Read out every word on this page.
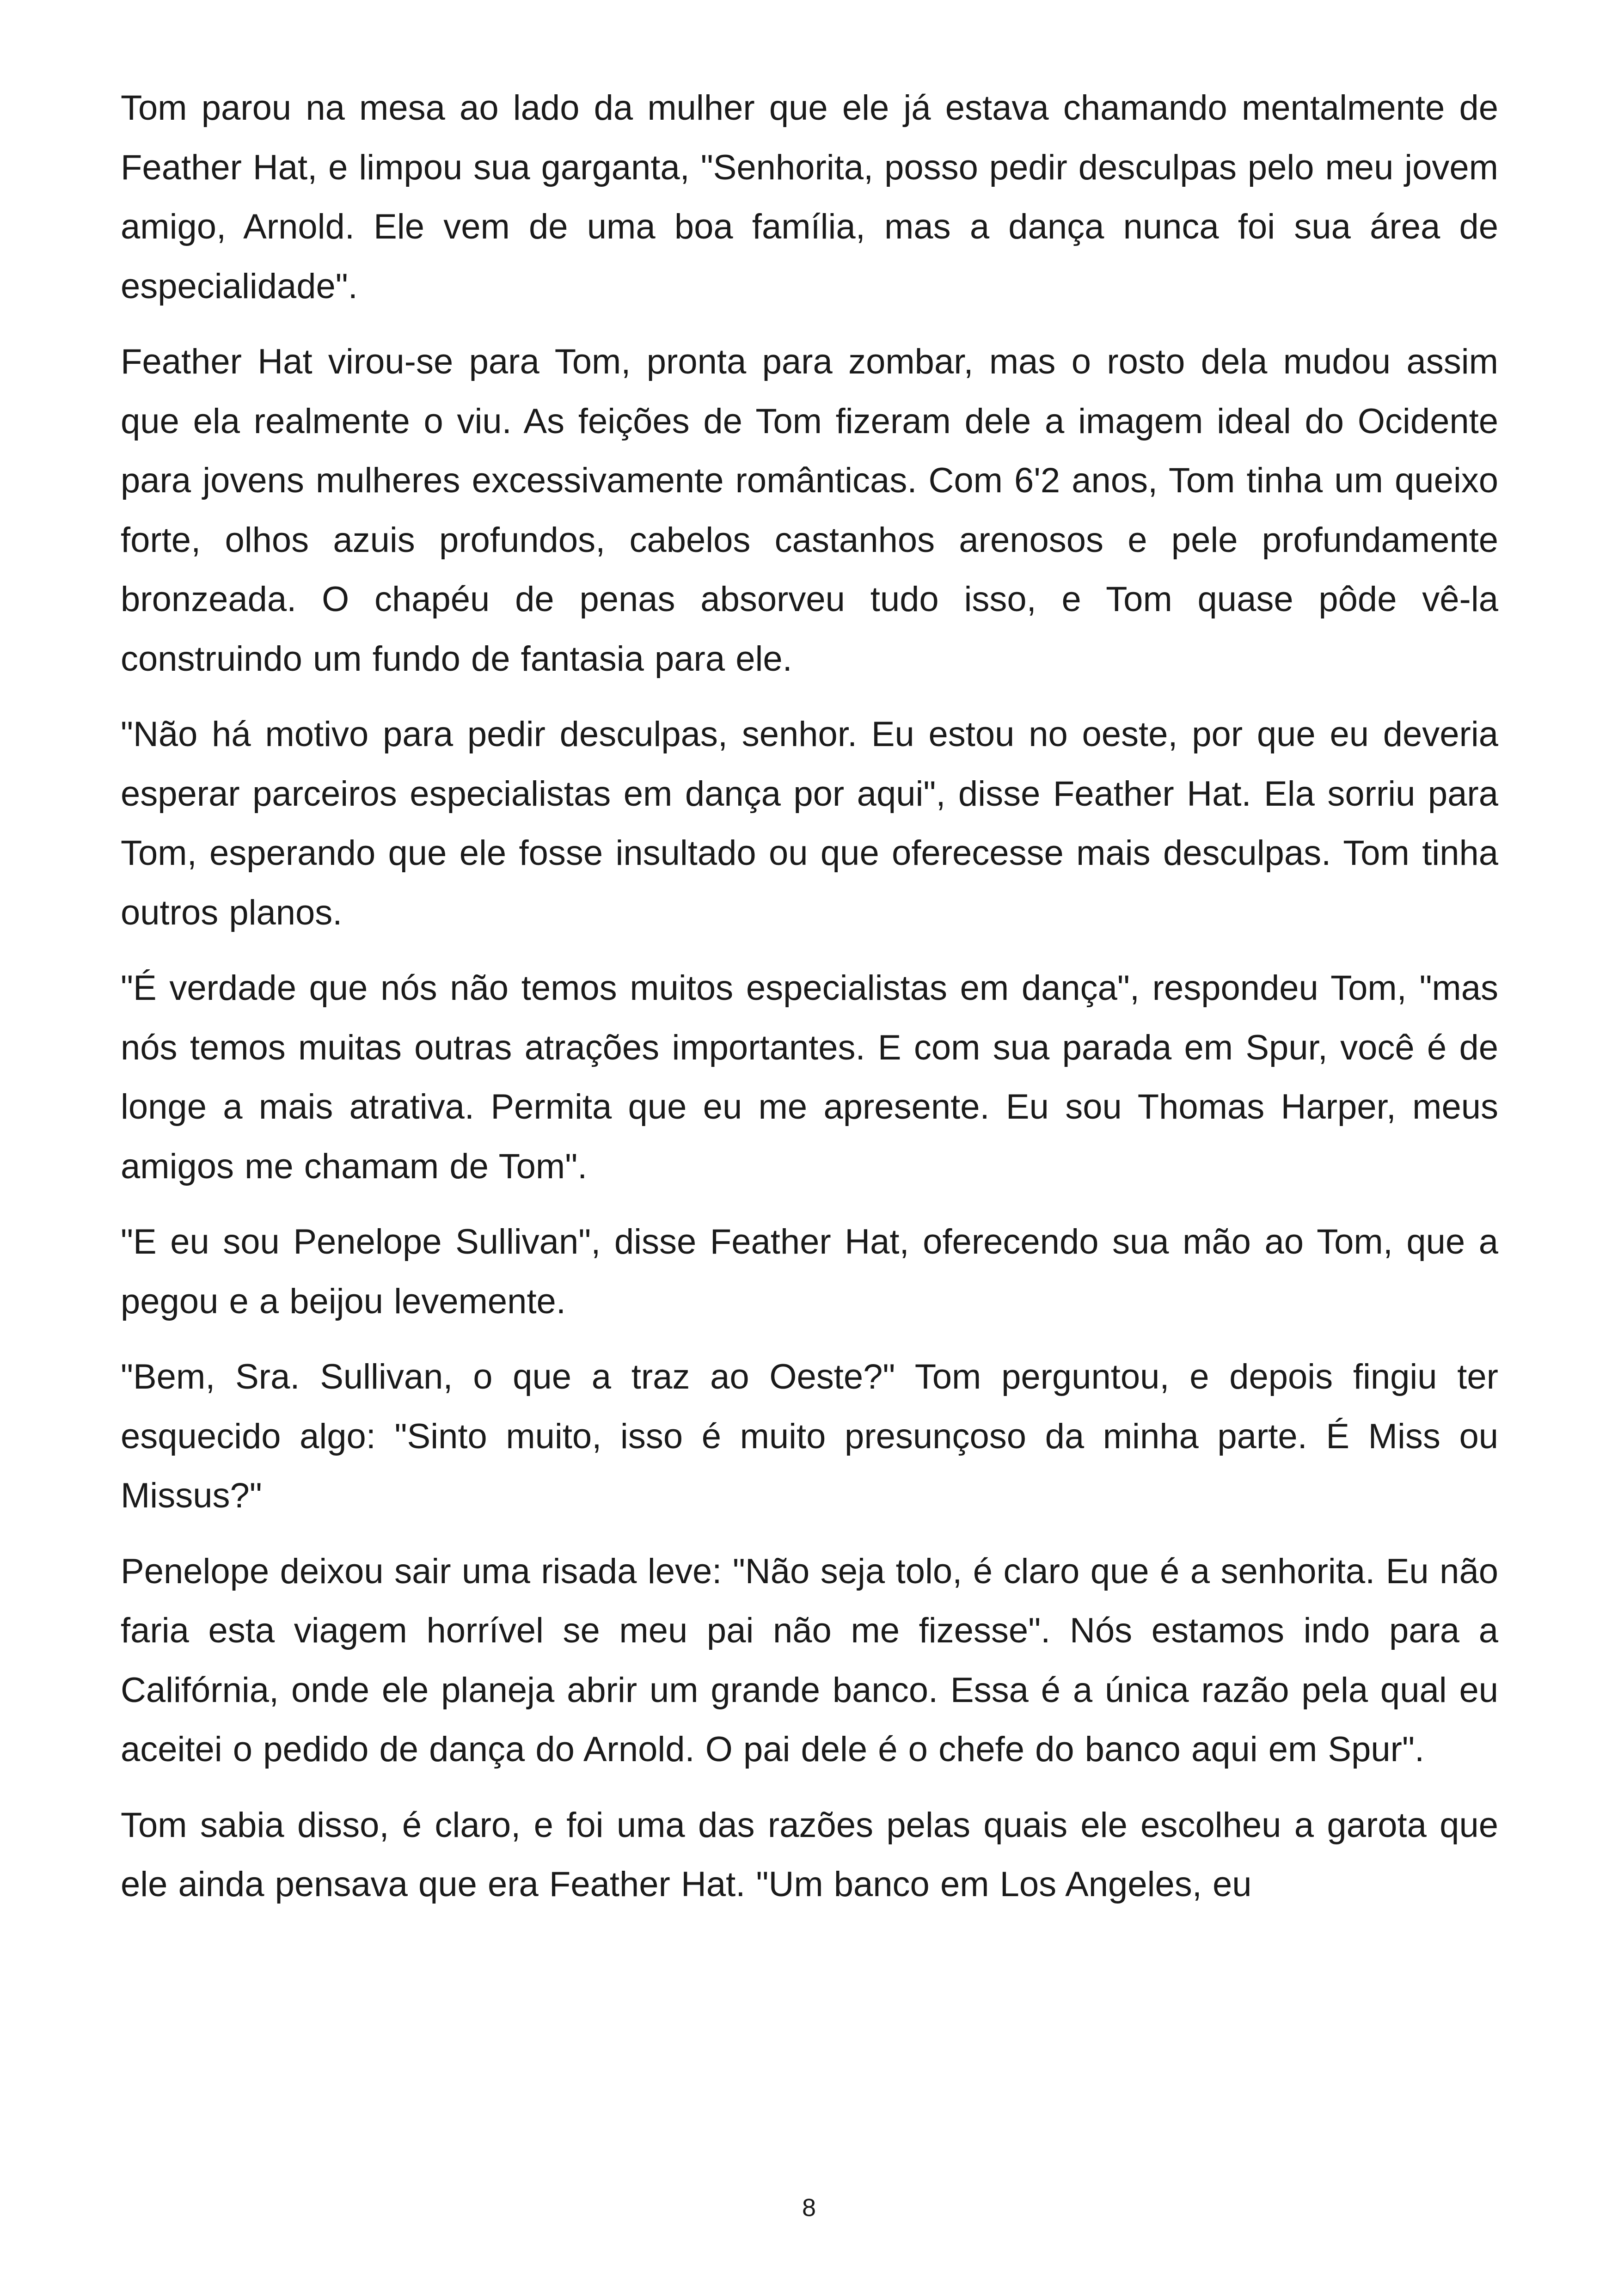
Tom parou na mesa ao lado da mulher que ele já estava chamando mentalmente de Feather Hat, e limpou sua garganta, "Senhorita, posso pedir desculpas pelo meu jovem amigo, Arnold. Ele vem de uma boa família, mas a dança nunca foi sua área de especialidade".

Feather Hat virou-se para Tom, pronta para zombar, mas o rosto dela mudou assim que ela realmente o viu. As feições de Tom fizeram dele a imagem ideal do Ocidente para jovens mulheres excessivamente românticas. Com 6'2 anos, Tom tinha um queixo forte, olhos azuis profundos, cabelos castanhos arenosos e pele profundamente bronzeada. O chapéu de penas absorveu tudo isso, e Tom quase pôde vê-la construindo um fundo de fantasia para ele.

"Não há motivo para pedir desculpas, senhor. Eu estou no oeste, por que eu deveria esperar parceiros especialistas em dança por aqui", disse Feather Hat. Ela sorriu para Tom, esperando que ele fosse insultado ou que oferecesse mais desculpas. Tom tinha outros planos.

"É verdade que nós não temos muitos especialistas em dança", respondeu Tom, "mas nós temos muitas outras atrações importantes. E com sua parada em Spur, você é de longe a mais atrativa. Permita que eu me apresente. Eu sou Thomas Harper, meus amigos me chamam de Tom".

"E eu sou Penelope Sullivan", disse Feather Hat, oferecendo sua mão ao Tom, que a pegou e a beijou levemente.

"Bem, Sra. Sullivan, o que a traz ao Oeste?" Tom perguntou, e depois fingiu ter esquecido algo: "Sinto muito, isso é muito presunçoso da minha parte. É Miss ou Missus?"

Penelope deixou sair uma risada leve: "Não seja tolo, é claro que é a senhorita. Eu não faria esta viagem horrível se meu pai não me fizesse". Nós estamos indo para a Califórnia, onde ele planeja abrir um grande banco. Essa é a única razão pela qual eu aceitei o pedido de dança do Arnold. O pai dele é o chefe do banco aqui em Spur".

Tom sabia disso, é claro, e foi uma das razões pelas quais ele escolheu a garota que ele ainda pensava que era Feather Hat. "Um banco em Los Angeles, eu

8
